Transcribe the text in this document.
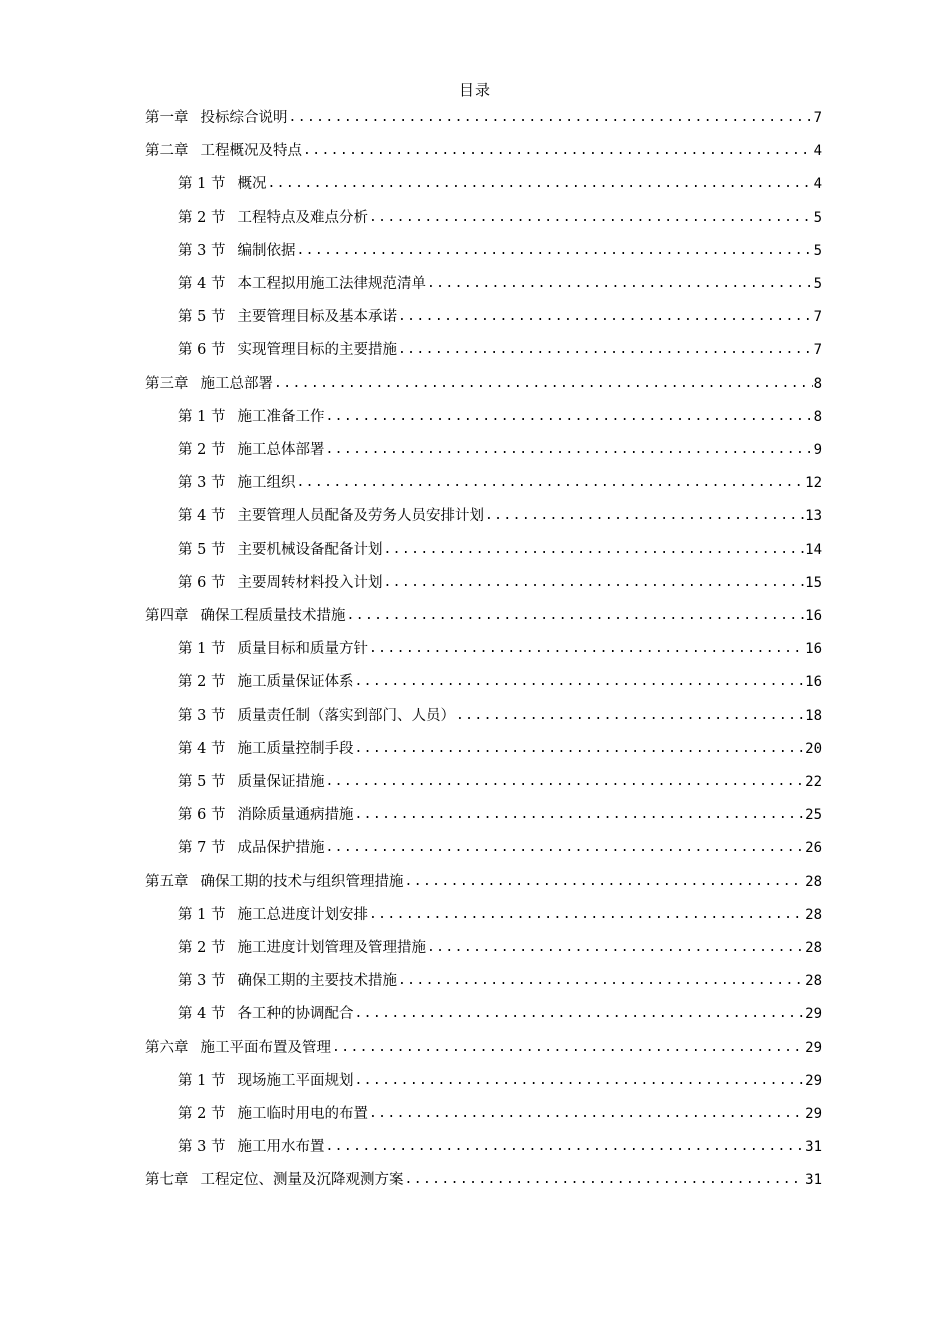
目录
第一章 投标综合说明 .....	7
第二章 工程概况及特点 .....	4
第 1 节 概况 .....	4
第 2 节 工程特点及难点分析 .....	5
第 3 节 编制依据 .....	5
第 4 节 本工程拟用施工法律规范清单 .....	5
第 5 节 主要管理目标及基本承诺 .....	7
第 6 节 实现管理目标的主要措施 .....	7
第三章 施工总部署 .....	8
第 1 节 施工准备工作 .....	8
第 2 节 施工总体部署 .....	9
第 3 节 施工组织 .....	12
第 4 节 主要管理人员配备及劳务人员安排计划 .....	13
第 5 节 主要机械设备配备计划 .....	14
第 6 节 主要周转材料投入计划 .....	15
第四章 确保工程质量技术措施 .....	16
第 1 节 质量目标和质量方针 .....	16
第 2 节 施工质量保证体系 .....	16
第 3 节 质量责任制（落实到部门、人员） .....	18
第 4 节 施工质量控制手段 .....	20
第 5 节 质量保证措施 .....	22
第 6 节 消除质量通病措施 .....	25
第 7 节 成品保护措施 .....	26
第五章 确保工期的技术与组织管理措施 .....	28
第 1 节 施工总进度计划安排 .....	28
第 2 节 施工进度计划管理及管理措施 .....	28
第 3 节 确保工期的主要技术措施 .....	28
第 4 节 各工种的协调配合 .....	29
第六章 施工平面布置及管理 .....	29
第 1 节 现场施工平面规划 .....	29
第 2 节 施工临时用电的布置 .....	29
第 3 节 施工用水布置 .....	31
第七章 工程定位、测量及沉降观测方案 .....	31
